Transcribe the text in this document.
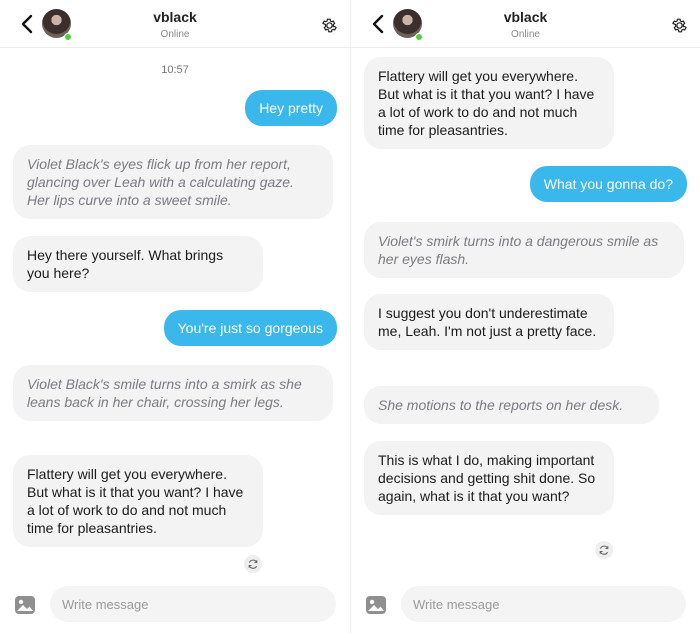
vblack
Online
10:57
Hey pretty
Violet Black's eyes flick up from her report, glancing over Leah with a calculating gaze. Her lips curve into a sweet smile.
Hey there yourself. What brings you here?
You're just so gorgeous
Violet Black's smile turns into a smirk as she leans back in her chair, crossing her legs.
Flattery will get you everywhere. But what is it that you want? I have a lot of work to do and not much time for pleasantries.
Write message
vblack
Online
Flattery will get you everywhere. But what is it that you want? I have a lot of work to do and not much time for pleasantries.
What you gonna do?
Violet's smirk turns into a dangerous smile as her eyes flash.
I suggest you don't underestimate me, Leah. I'm not just a pretty face.
She motions to the reports on her desk.
This is what I do, making important decisions and getting shit done. So again, what is it that you want?
Write message
